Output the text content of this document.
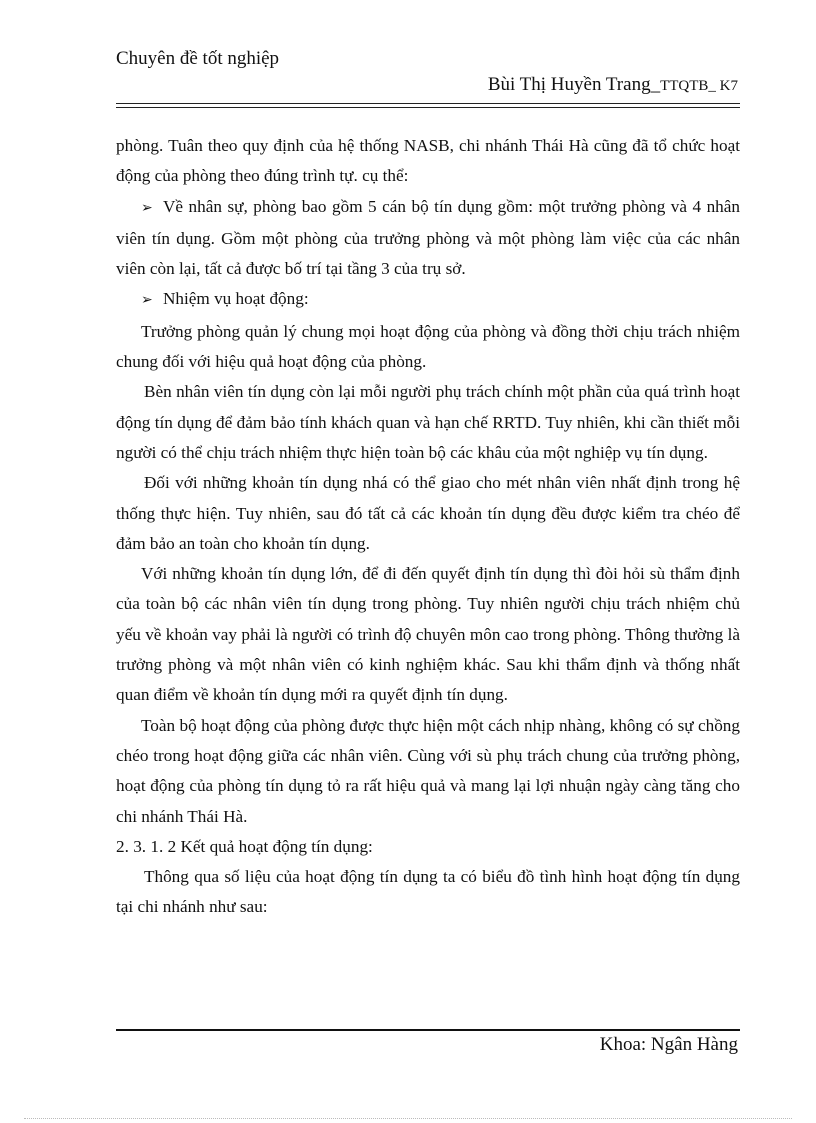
Chuyên đề tốt nghiệp
Bùi Thị Huyền Trang_TTQTB_ K7

phòng. Tuân theo quy định của hệ thống NASB, chi nhánh Thái Hà cũng đã tổ chức hoạt động của phòng theo đúng trình tự. cụ thể:

➢ Về nhân sự, phòng bao gồm 5 cán bộ tín dụng gồm: một trưởng phòng và 4 nhân viên tín dụng. Gồm một phòng của trưởng phòng và một phòng làm việc của các nhân viên còn lại, tất cả được bố trí tại tầng 3 của trụ sở.

➢ Nhiệm vụ hoạt động:

Trưởng phòng quản lý chung mọi hoạt động của phòng và đồng thời chịu trách nhiệm chung đối với hiệu quả hoạt động của phòng.

Bèn nhân viên tín dụng còn lại mỗi người phụ trách chính một phần của quá trình hoạt động tín dụng để đảm bảo tính khách quan và hạn chế RRTD. Tuy nhiên, khi cần thiết mỗi người có thể chịu trách nhiệm thực hiện toàn bộ các khâu của một nghiệp vụ tín dụng.

Đối với những khoản tín dụng nhá có thể giao cho mét nhân viên nhất định trong hệ thống thực hiện. Tuy nhiên, sau đó tất cả các khoản tín dụng đều được kiểm tra chéo để đảm bảo an toàn cho khoản tín dụng.

Với những khoản tín dụng lớn, để đi đến quyết định tín dụng thì đòi hỏi sù thẩm định của toàn bộ các nhân viên tín dụng trong phòng. Tuy nhiên người chịu trách nhiệm chủ yếu về khoản vay phải là người có trình độ chuyên môn cao trong phòng. Thông thường là trưởng phòng và một nhân viên có kinh nghiệm khác. Sau khi thẩm định và thống nhất quan điểm về khoản tín dụng mới ra quyết định tín dụng.

Toàn bộ hoạt động của phòng được thực hiện một cách nhịp nhàng, không có sự chồng chéo trong hoạt động giữa các nhân viên. Cùng với sù phụ trách chung của trưởng phòng, hoạt động của phòng tín dụng tỏ ra rất hiệu quả và mang lại lợi nhuận ngày càng tăng cho chi nhánh Thái Hà.

2. 3. 1. 2 Kết quả hoạt động tín dụng:

Thông qua số liệu của hoạt động tín dụng ta có biểu đồ tình hình hoạt động tín dụng tại chi nhánh như sau:

Khoa: Ngân Hàng
